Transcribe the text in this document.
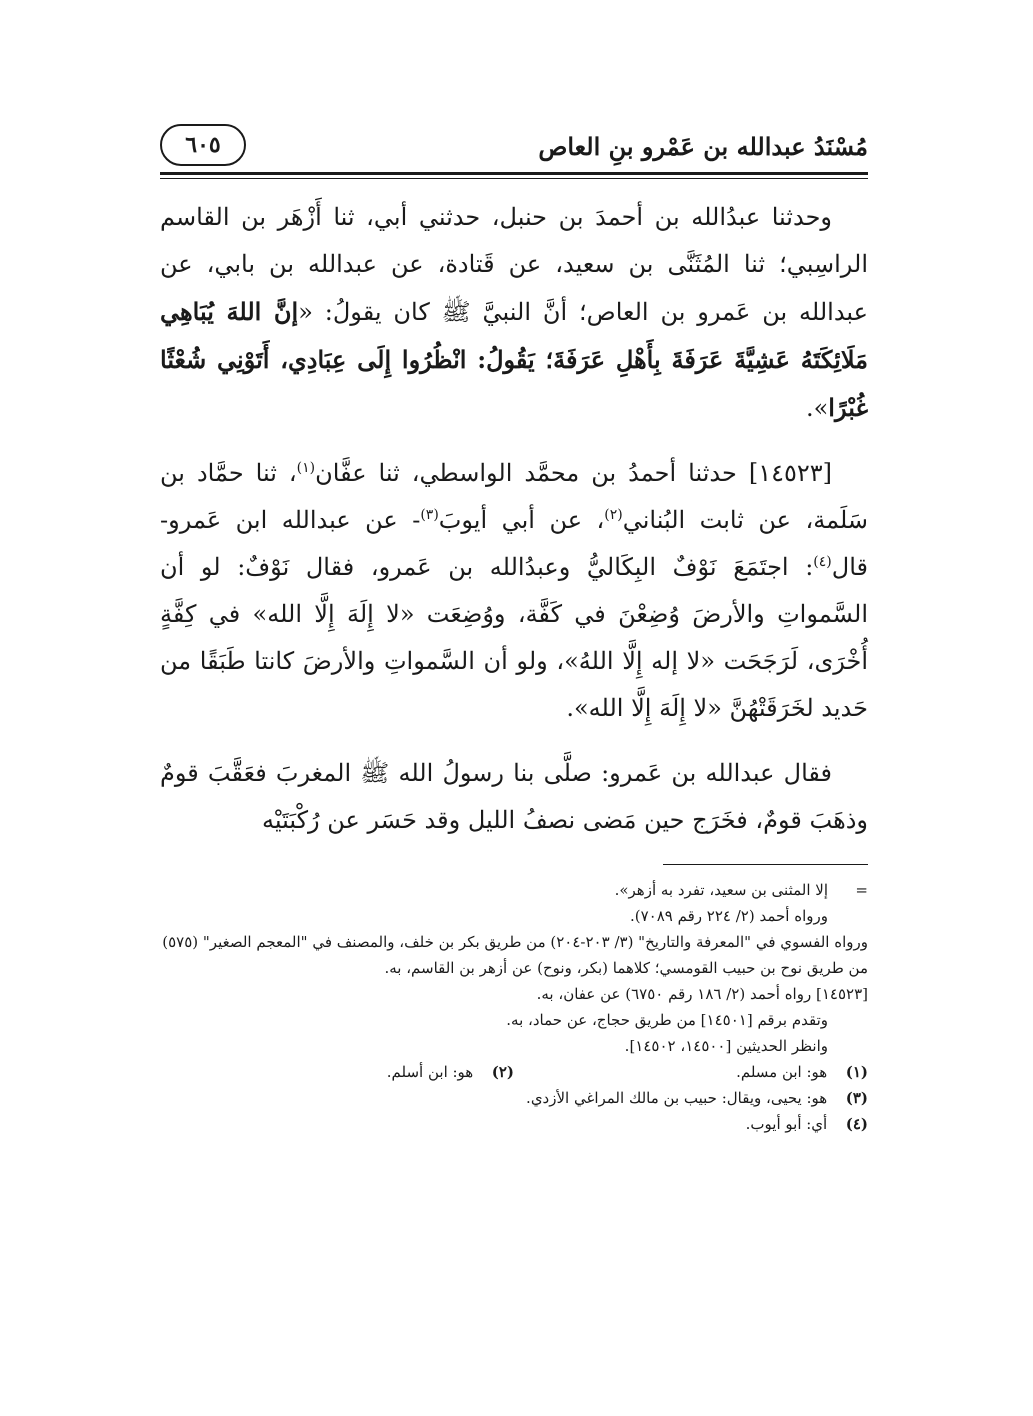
مُسْنَدُ عبدالله بن عَمْرو بنِ العاص
٦٠٥

وحدثنا عبدُالله بن أحمدَ بن حنبل، حدثني أبي، ثنا أَزْهَر بن القاسم الراسِبي؛ ثنا المُثَنَّى بن سعيد، عن قَتادة، عن عبدالله بن بابي، عن عبدالله بن عَمرو بن العاص؛ أنَّ النبيَّ ﷺ كان يقولُ: «إنَّ اللهَ يُبَاهِي مَلَائِكَتَهُ عَشِيَّةَ عَرَفَةَ بِأَهْلِ عَرَفَةَ؛ يَقُولُ: انْظُرُوا إِلَى عِبَادِي، أَتَوْنِي شُعْثًا غُبْرًا».

[١٤٥٢٣] حدثنا أحمدُ بن محمَّد الواسطي، ثنا عفَّان$^{(١)}$، ثنا حمَّاد بن سَلَمة، عن ثابت البُناني$^{(٢)}$، عن أبي أيوبَ$^{(٣)}$- عن عبدالله ابن عَمرو- قال$^{(٤)}$: اجتَمَعَ نَوْفٌ البِكَاليُّ وعبدُالله بن عَمرو، فقال نَوْفٌ: لو أن السَّمواتِ والأرضَ وُضِعْنَ في كَفَّة، ووُضِعَت «لا إِلَهَ إِلَّا الله» في كِفَّةٍ أُخْرَى، لَرَجَحَت «لا إله إِلَّا اللهُ»، ولو أن السَّمواتِ والأرضَ كانتا طَبَقًا من حَديد لخَرَقَتْهُنَّ «لا إِلَهَ إِلَّا الله».

فقال عبدالله بن عَمرو: صلَّى بنا رسولُ الله ﷺ المغربَ فعَقَّبَ قومٌ وذهَبَ قومٌ، فخَرَج حين مَضى نصفُ الليل وقد حَسَر عن رُكْبَتَيْه

=إلا المثنى بن سعيد، تفرد به أزهر».

ورواه أحمد (٢/ ٢٢٤ رقم ٧٠٨٩).

ورواه الفسوي في "المعرفة والتاريخ" (٣/ ٢٠٣-٢٠٤) من طريق بكر بن خلف، والمصنف في "المعجم الصغير" (٥٧٥) من طريق نوح بن حبيب القومسي؛ كلاهما (بكر، ونوح) عن أزهر بن القاسم، به.

[١٤٥٢٣] رواه أحمد (٢/ ١٨٦ رقم ٦٧٥٠) عن عفان، به.

وتقدم برقم [١٤٥٠١] من طريق حجاج، عن حماد، به.

وانظر الحديثين [١٤٥٠٠، ١٤٥٠٢].

(١) هو: ابن مسلم.
(٢) هو: ابن أسلم.

(٣) هو: يحيى، ويقال: حبيب بن مالك المراغي الأزدي.

(٤) أي: أبو أيوب.
